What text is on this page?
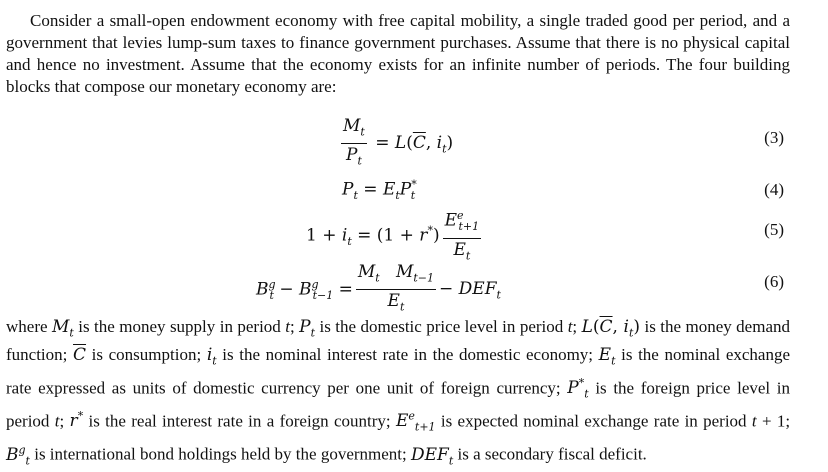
Consider a small-open endowment economy with free capital mobility, a single traded good per period, and a government that levies lump-sum taxes to finance government purchases. Assume that there is no physical capital and hence no investment. Assume that the economy exists for an infinite number of periods. The four building blocks that compose our monetary economy are:

$\frac{M_t}{P_t} = L(\overline{C}$, $i_t$)	(3)
$P_t = E_tP^*_t$	(4)
$1 + i_t = (1 + r^*) \frac{E^e_{t+1}}{E_t}$	(5)
$B^g_t - B^g_{t-1} = \frac{M_t M_{t-1}}{E_t} - DEF_t$
(6)

where $M_t$ is the money supply in period t; $P_t$ is the domestic price level in period t; $L(\overline{C}$, $i_t$) is the money demand function; $\overline{C}$ is consumption; $i_t$ is the nominal interest rate in the domestic economy; $E_t$ is the nominal exchange rate expressed as units of domestic currency per one unit of foreign currency; $P^*_t$ is the foreign price level in period t; r* is the real interest rate in a foreign country; $E^e_{t+1}$ is expected nominal exchange rate in period t + 1; $B^g_t$ is international bond holdings held by the government; $DEF_t$ is a secondary fiscal deficit.
